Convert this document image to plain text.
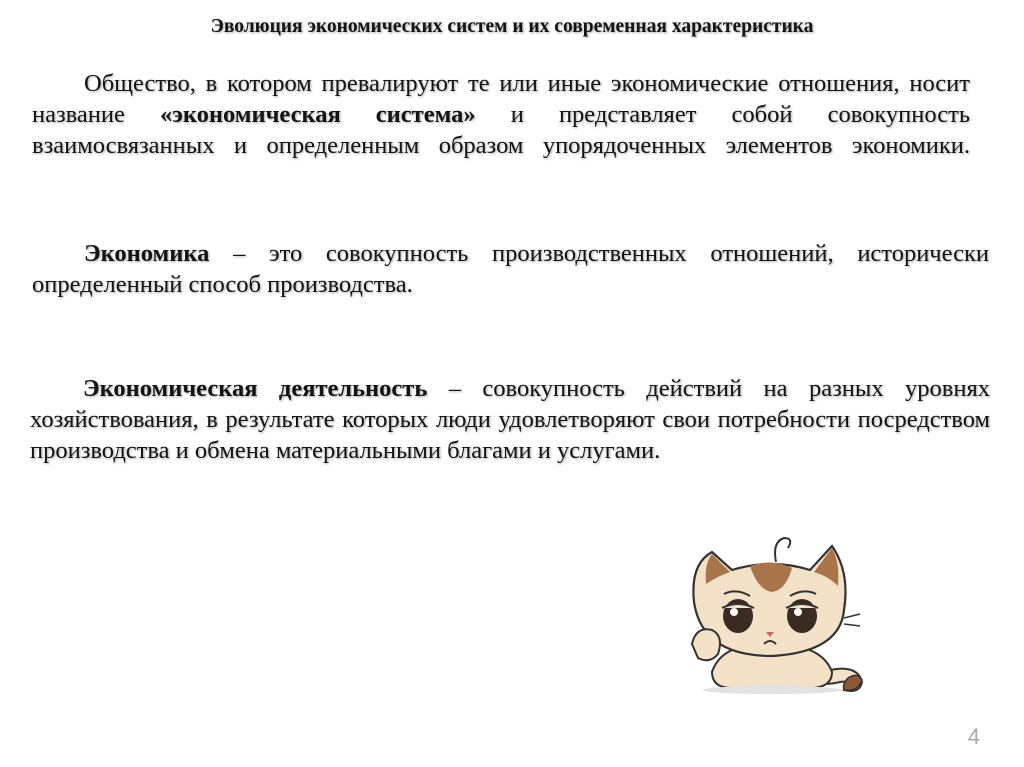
Эволюция экономических систем и их современная характеристика

Общество, в котором превалируют те или иные экономические отношения, носит название «экономическая система» и представляет собой совокупность взаимосвязанных и определенным образом упорядоченных элементов экономики.

Экономика – это совокупность производственных отношений, исторически определенный способ производства.

Экономическая деятельность – совокупность действий на разных уровнях хозяйствования, в результате которых люди удовлетворяют свои потребности посредством производства и обмена материальными благами и услугами.

4
